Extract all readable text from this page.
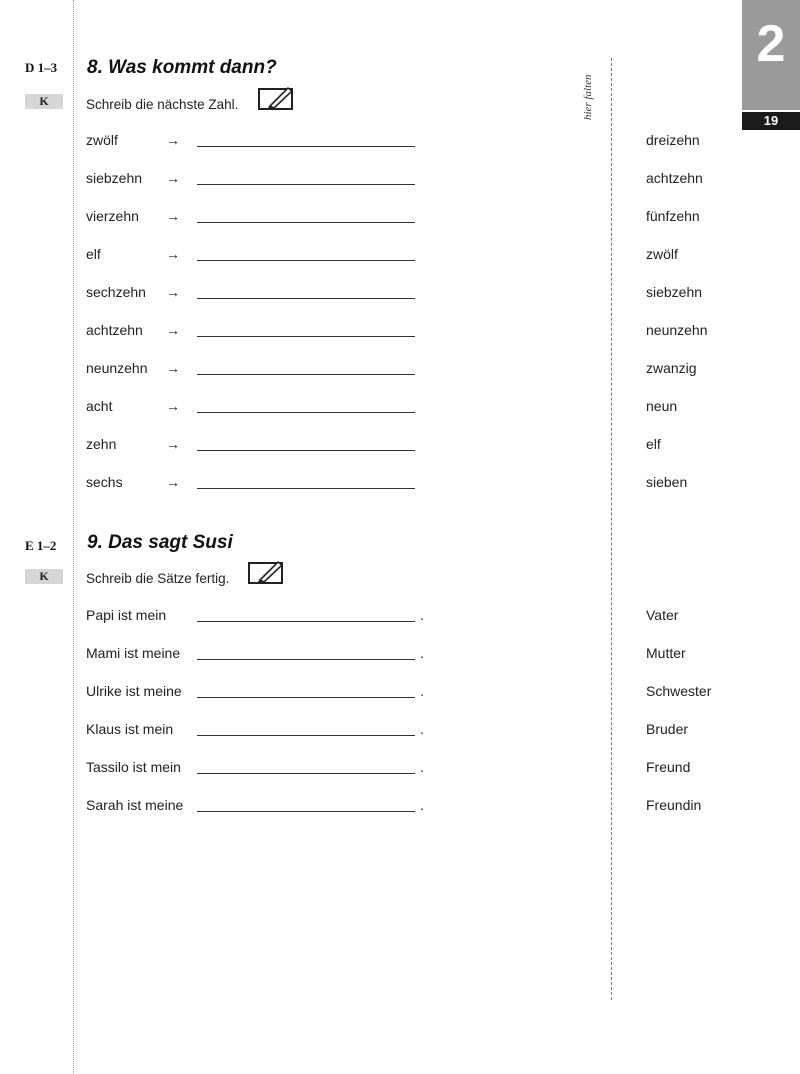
hier falten
2
19
D 1–3
K
8. Was kommt dann?
Schreib die nächste Zahl.
zwölf	→	dreizehn
siebzehn →	achtzehn
vierzehn →	fünfzehn
elf	→	zwölf
sechzehn →	siebzehn
achtzehn →	neunzehn
neunzehn →	zwanzig
acht	→	neun
zehn	→	elf
sechs	→	sieben
E 1–2
K
9. Das sagt Susi
Schreib die Sätze fertig.
Papi ist mein	.	Vater
Mami ist meine	.	Mutter
Ulrike ist meine	.	Schwester
Klaus ist mein	.	Bruder
Tassilo ist mein	.	Freund
Sarah ist meine	.	Freundin
